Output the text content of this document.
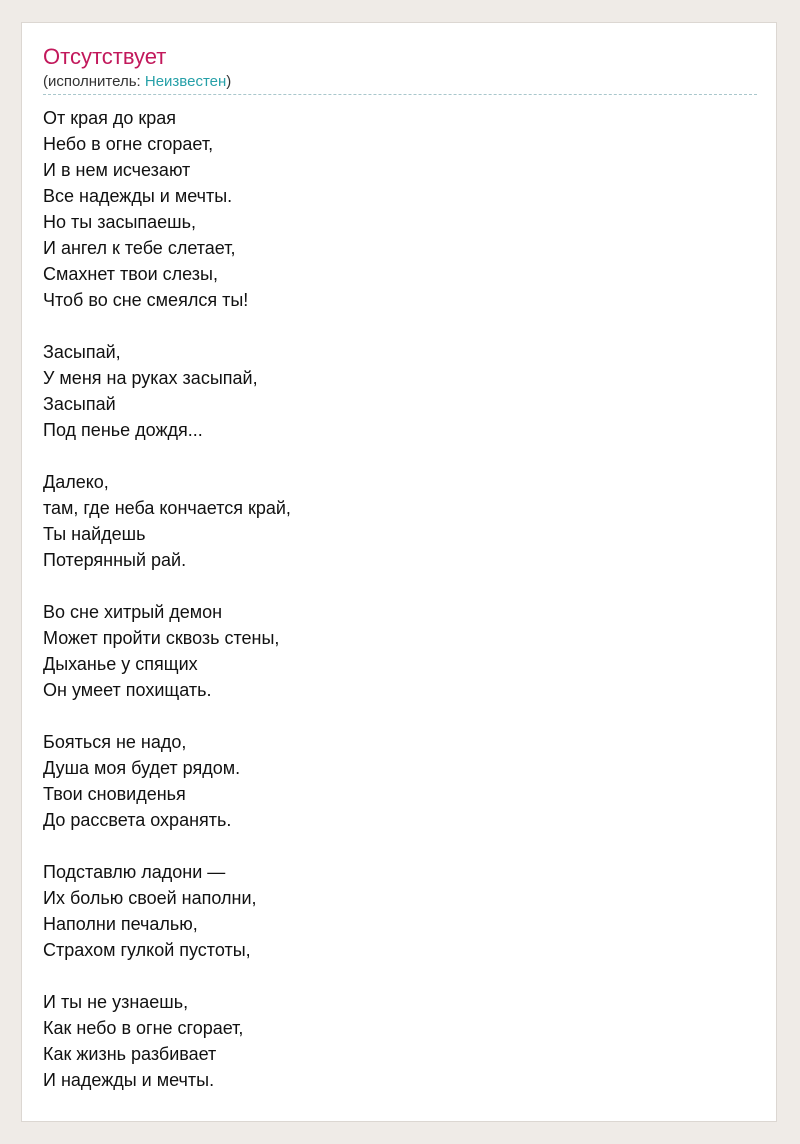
Отсутствует
(исполнитель: Неизвестен)
От края до края
Небо в огне сгорает,
И в нем исчезают
Все надежды и мечты.
Но ты засыпаешь,
И ангел к тебе слетает,
Смахнет твои слезы,
Чтоб во сне смеялся ты!
Засыпай,
У меня на руках засыпай,
Засыпай
Под пенье дождя...
Далеко,
там, где неба кончается край,
Ты найдешь
Потерянный рай.
Во сне хитрый демон
Может пройти сквозь стены,
Дыханье у спящих
Он умеет похищать.
Бояться не надо,
Душа моя будет рядом.
Твои сновиденья
До рассвета охранять.
Подставлю ладони —
Их болью своей наполни,
Наполни печалью,
Страхом гулкой пустоты,
И ты не узнаешь,
Как небо в огне сгорает,
Как жизнь разбивает
И надежды и мечты.
